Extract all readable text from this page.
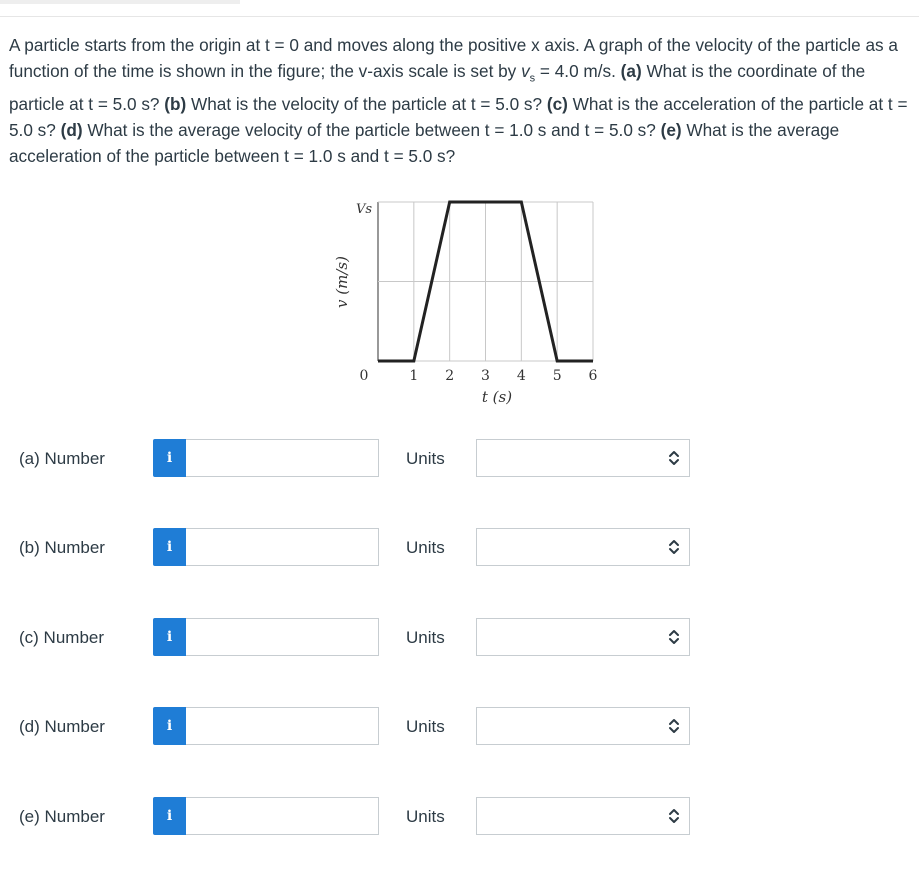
A particle starts from the origin at t = 0 and moves along the positive x axis. A graph of the velocity of the particle as a function of the time is shown in the figure; the v-axis scale is set by $v_s = 4.0$ m/s. (a) What is the coordinate of the particle at t = 5.0 s? (b) What is the velocity of the particle at t = 5.0 s? (c) What is the acceleration of the particle at t = 5.0 s? (d) What is the average velocity of the particle between t = 1.0 s and t = 5.0 s? (e) What is the average acceleration of the particle between t = 1.0 s and t = 5.0 s?

0	1 2 3 4 5 6
Vs
v (m/s)
t (s)
(a) Number	i	Units
(b) Number	i	Units
(c) Number	i	Units
(d) Number	i	Units
(e) Number	i	Units
